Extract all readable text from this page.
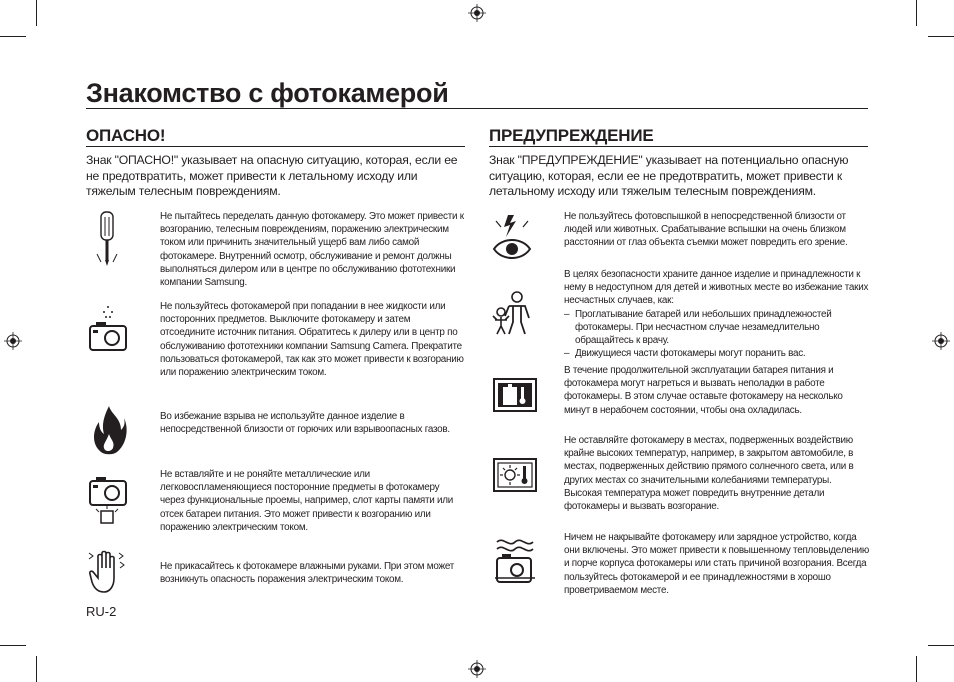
Знакомство с фотокамерой
ОПАСНО!

Знак "ОПАСНО!" указывает на опасную ситуацию, которая, если ее не предотвратить, может привести к летальному исходу или тяжелым телесным повреждениям.

Не пытайтесь переделать данную фотокамеру. Это может привести к возгоранию, телесным повреждениям, поражению электрическим током или причинить значительный ущерб вам либо самой фотокамере. Внутренний осмотр, обслуживание и ремонт должны выполняться дилером или в центре по обслуживанию фототехники компании Samsung.

Не пользуйтесь фотокамерой при попадании в нее жидкости или посторонних предметов. Выключите фотокамеру и затем отсоедините источник питания. Обратитесь к дилеру или в центр по обслуживанию фототехники компании Samsung Camera. Прекратите пользоваться фотокамерой, так как это может привести к возгоранию или поражению электрическим током.

Во избежание взрыва не используйте данное изделие в непосредственной близости от горючих или взрывоопасных газов.

Не вставляйте и не роняйте металлические или легковоспламеняющиеся посторонние предметы в фотокамеру через функциональные проемы, например, слот карты памяти или отсек батареи питания. Это может привести к возгоранию или поражению электрическим током.

Не прикасайтесь к фотокамере влажными руками. При этом может возникнуть опасность поражения электрическим током.

ПРЕДУПРЕЖДЕНИЕ

Знак "ПРЕДУПРЕЖДЕНИЕ" указывает на потенциально опасную ситуацию, которая, если ее не предотвратить, может привести к летальному исходу или тяжелым телесным повреждениям.

Не пользуйтесь фотовспышкой в непосредственной близости от людей или животных. Срабатывание вспышки на очень близком расстоянии от глаз объекта съемки может повредить его зрение.

В целях безопасности храните данное изделие и принадлежности к нему в недоступном для детей и животных месте во избежание таких несчастных случаев, как:
– Проглатывание батарей или небольших принадлежностей фотокамеры. При несчастном случае незамедлительно обращайтесь к врачу.
– Движущиеся части фотокамеры могут поранить вас.

В течение продолжительной эксплуатации батарея питания и фотокамера могут нагреться и вызвать неполадки в работе фотокамеры. В этом случае оставьте фотокамеру на несколько минут в нерабочем состоянии, чтобы она охладилась.

Не оставляйте фотокамеру в местах, подверженных воздействию крайне высоких температур, например, в закрытом автомобиле, в местах, подверженных действию прямого солнечного света, или в других местах со значительными колебаниями температуры. Высокая температура может повредить внутренние детали фотокамеры и вызвать возгорание.

Ничем не накрывайте фотокамеру или зарядное устройство, когда они включены. Это может привести к повышенному тепловыделению и порче корпуса фотокамеры или стать причиной возгорания. Всегда пользуйтесь фотокамерой и ее принадлежностями в хорошо проветриваемом месте.

RU-2
